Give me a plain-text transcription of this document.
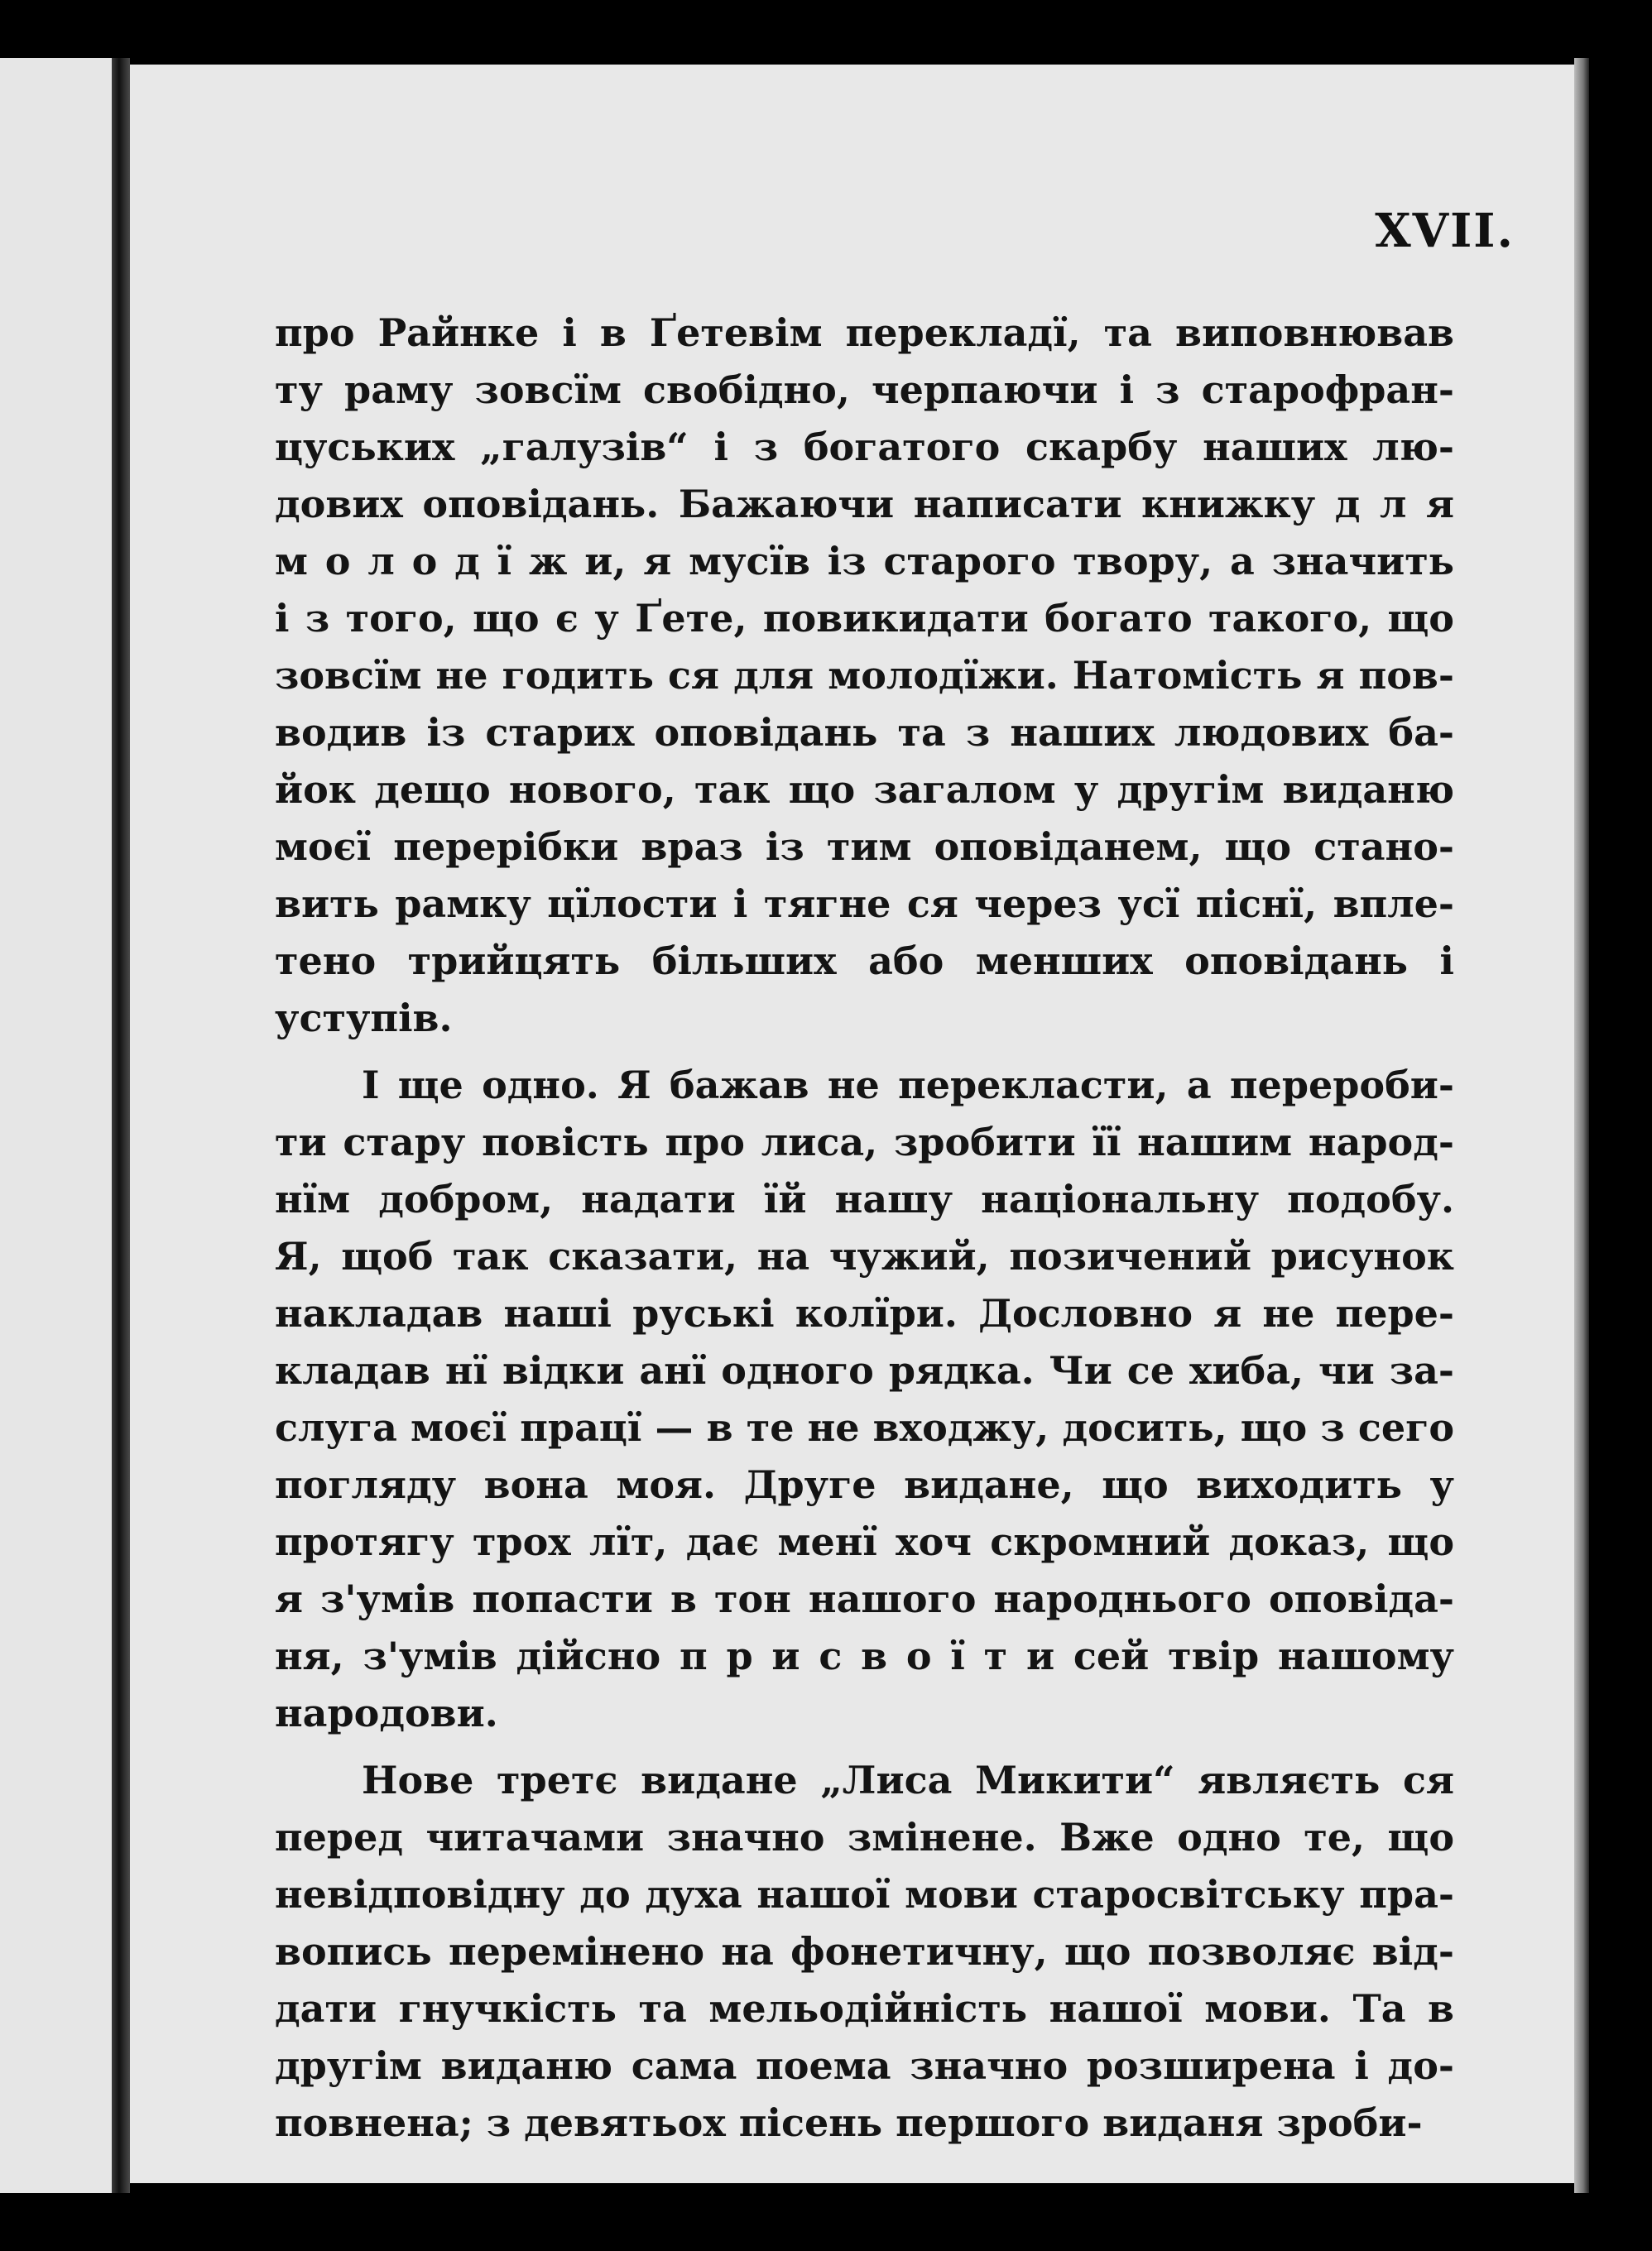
XVII.
про Райнке і в Ґетевім перекладї, та виповнював
ту раму зовсїм свобідно, черпаючи і з старофран-
цуських „галузів“ і з богатого скарбу наших лю-
дових оповідань. Бажаючи написати книжку д л я
м о л о д ї ж и, я мусїв із старого твору, а значить
і з того, що є у Ґете, повикидати богато такого, що
зовсїм не годить ся для молодїжи. Натомість я пов-
водив із старих оповідань та з наших людових ба-
йок дещо нового, так що загалом у другім виданю
моєї перерібки враз із тим оповіданем, що стано-
вить рамку цїлости і тягне ся через усї піснї, впле-
тено трийцять більших або менших оповідань і
уступів.
І ще одно. Я бажав не перекласти, а перероби-
ти стару повість про лиса, зробити її нашим народ-
нїм добром, надати їй нашу національну подобу.
Я, щоб так сказати, на чужий, позичений рисунок
накладав наші руські колїри. Дословно я не пере-
кладав нї відки анї одного рядка. Чи се хиба, чи за-
слуга моєї працї — в те не входжу, досить, що з сего
погляду вона моя. Друге видане, що виходить у
протягу трох лїт, дає менї хоч скромний доказ, що
я з'умів попасти в тон нашого народнього оповіда-
ня, з'умів дійсно п р и с в о ї т и сей твір нашому
народови.
Нове третє видане „Лиса Микити“ являєть ся
перед читачами значно змінене. Вже одно те, що
невідповідну до духа нашої мови старосвітську пра-
вопись перемінено на фонетичну, що позволяє від-
дати гнучкість та мельодійність нашої мови. Та в
другім виданю сама поема значно розширена і до-
повнена; з девятьох пісень першого виданя зроби-
